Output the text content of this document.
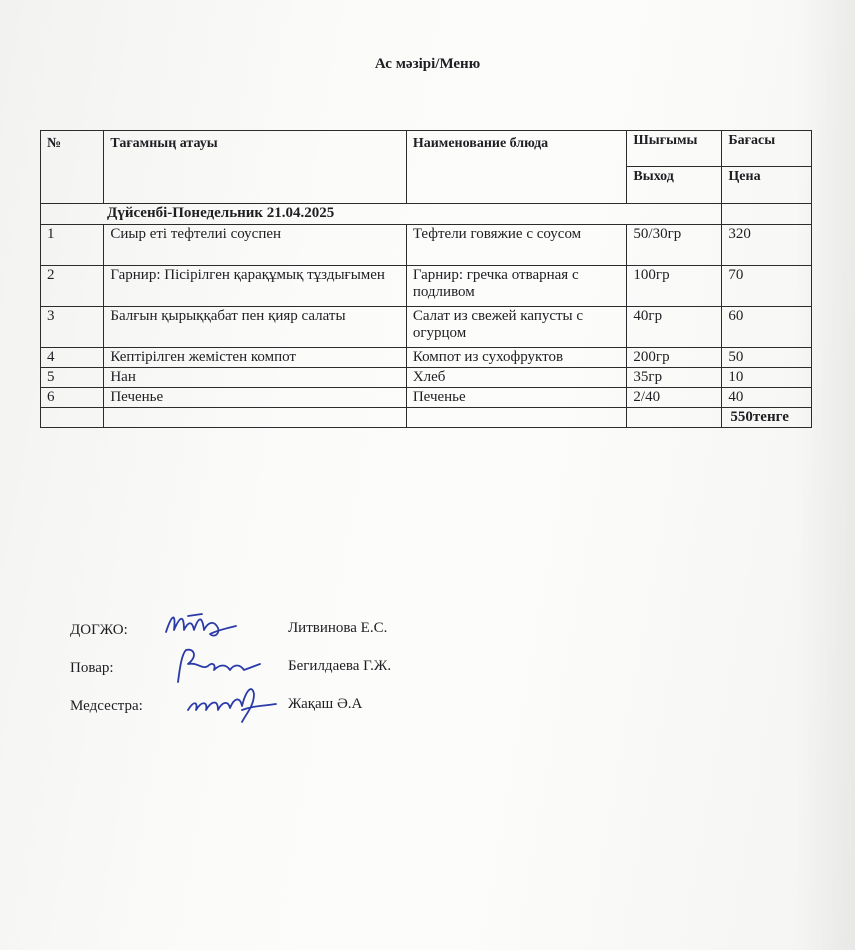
Ас мәзірі/Меню
№	Тағамның атауы	Наименование блюда	Шығымы	Бағасы
			Выход	Цена
Дүйсенбі-Понедельник 21.04.2025				
1	Сиыр еті тефтелиі соуспен	Тефтели говяжие с соусом	50/30гр	320
2	Гарнир: Пісірілген қарақұмық тұздығымен	Гарнир: гречка отварная с подливом	100гр	70
3	Балғын қырыққабат пен қияр салаты	Салат из свежей капусты с огурцом	40гр	60
4	Кептірілген жемістен компот	Компот из сухофруктов	200гр	50
5	Нан	Хлеб	35гр	10
6	Печенье	Печенье	2/40	40
				550тенге
ДОГЖО:	Литвинова Е.С.
Повар:	Бегилдаева Г.Ж.
Медсестра:	Жақаш Ә.А
